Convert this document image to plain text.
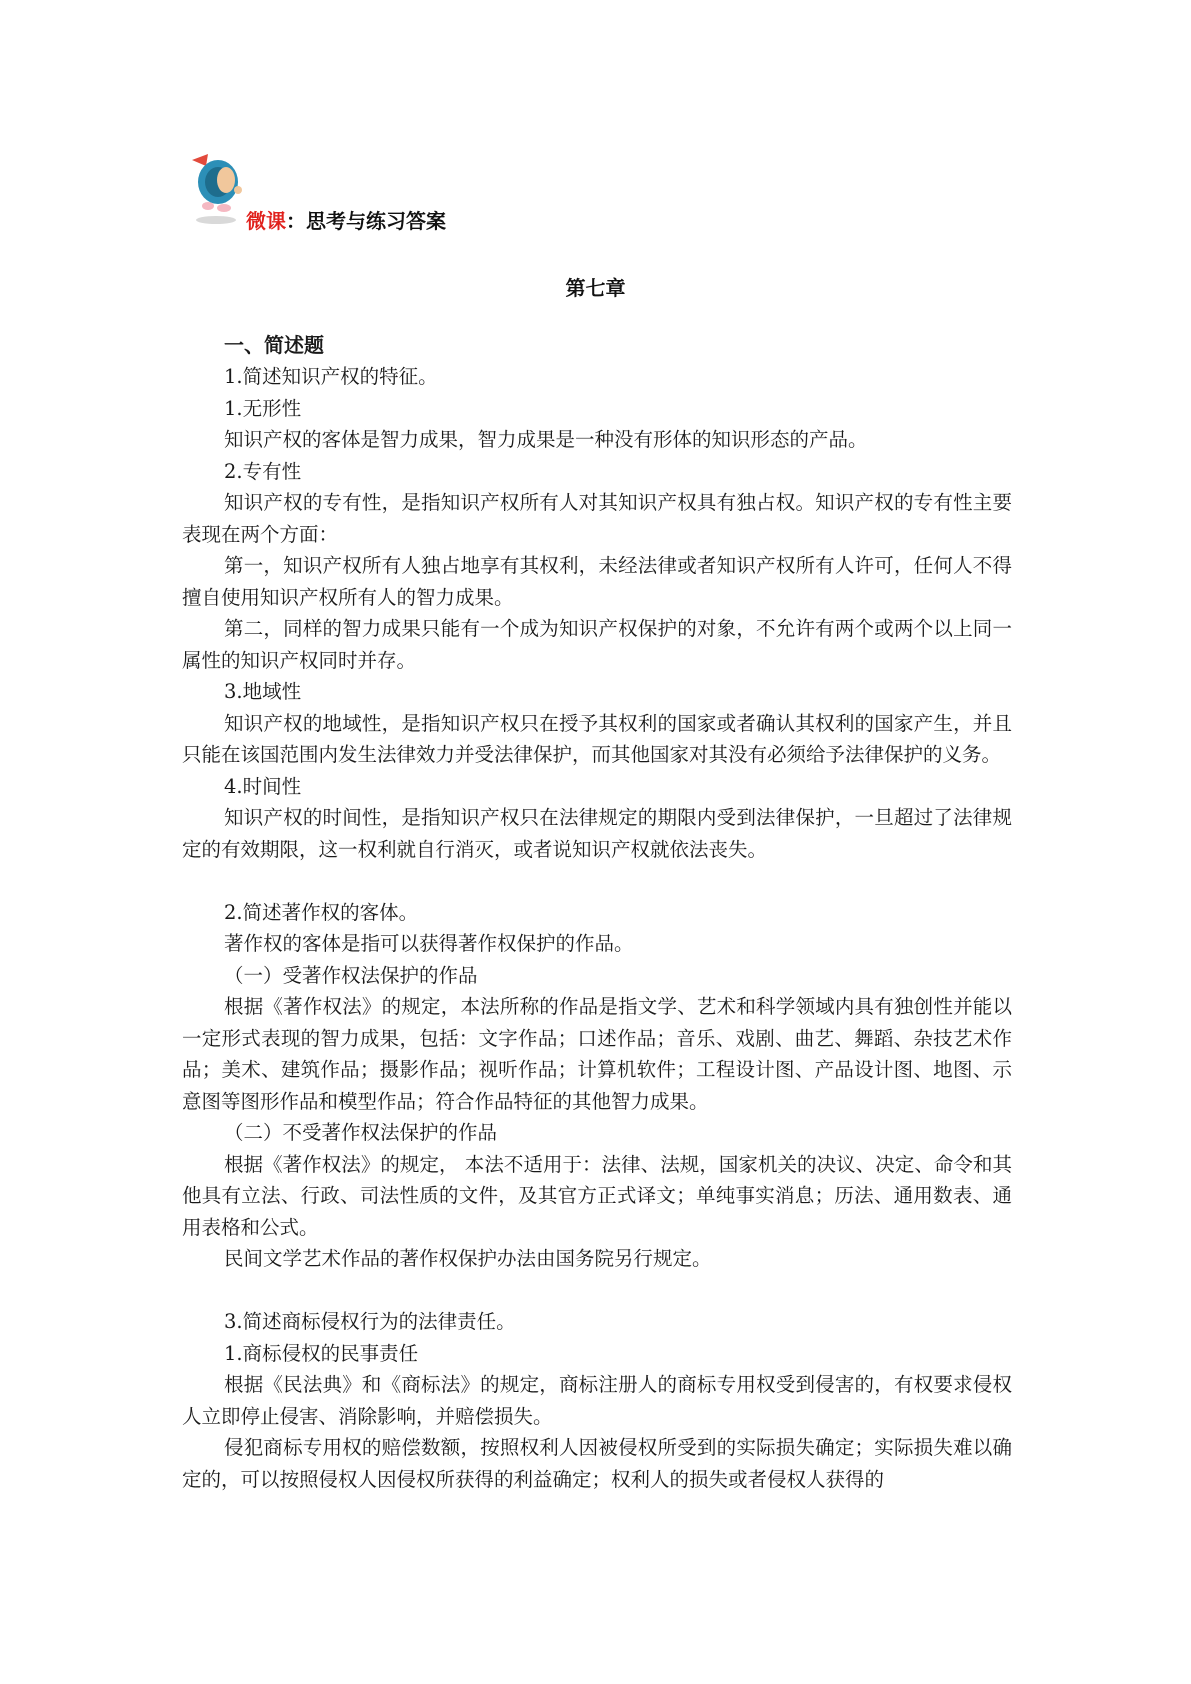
微课：思考与练习答案
第七章
一、简述题

1.简述知识产权的特征。

1.无形性

知识产权的客体是智力成果，智力成果是一种没有形体的知识形态的产品。

2.专有性

知识产权的专有性，是指知识产权所有人对其知识产权具有独占权。知识产权的专有性主要表现在两个方面：

第一，知识产权所有人独占地享有其权利，未经法律或者知识产权所有人许可，任何人不得擅自使用知识产权所有人的智力成果。

第二，同样的智力成果只能有一个成为知识产权保护的对象，不允许有两个或两个以上同一属性的知识产权同时并存。

3.地域性

知识产权的地域性，是指知识产权只在授予其权利的国家或者确认其权利的国家产生，并且只能在该国范围内发生法律效力并受法律保护，而其他国家对其没有必须给予法律保护的义务。

4.时间性

知识产权的时间性，是指知识产权只在法律规定的期限内受到法律保护，一旦超过了法律规定的有效期限，这一权利就自行消灭，或者说知识产权就依法丧失。

2.简述著作权的客体。

著作权的客体是指可以获得著作权保护的作品。

（一）受著作权法保护的作品

根据《著作权法》的规定，本法所称的作品是指文学、艺术和科学领域内具有独创性并能以一定形式表现的智力成果，包括：文字作品；口述作品；音乐、戏剧、曲艺、舞蹈、杂技艺术作品；美术、建筑作品；摄影作品；视听作品；计算机软件；工程设计图、产品设计图、地图、示意图等图形作品和模型作品；符合作品特征的其他智力成果。

（二）不受著作权法保护的作品

根据《著作权法》的规定， 本法不适用于：法律、法规，国家机关的决议、决定、命令和其他具有立法、行政、司法性质的文件，及其官方正式译文；单纯事实消息；历法、通用数表、通用表格和公式。

民间文学艺术作品的著作权保护办法由国务院另行规定。

3.简述商标侵权行为的法律责任。

1.商标侵权的民事责任

根据《民法典》和《商标法》的规定，商标注册人的商标专用权受到侵害的，有权要求侵权人立即停止侵害、消除影响，并赔偿损失。

侵犯商标专用权的赔偿数额，按照权利人因被侵权所受到的实际损失确定；实际损失难以确定的，可以按照侵权人因侵权所获得的利益确定；权利人的损失或者侵权人获得的
